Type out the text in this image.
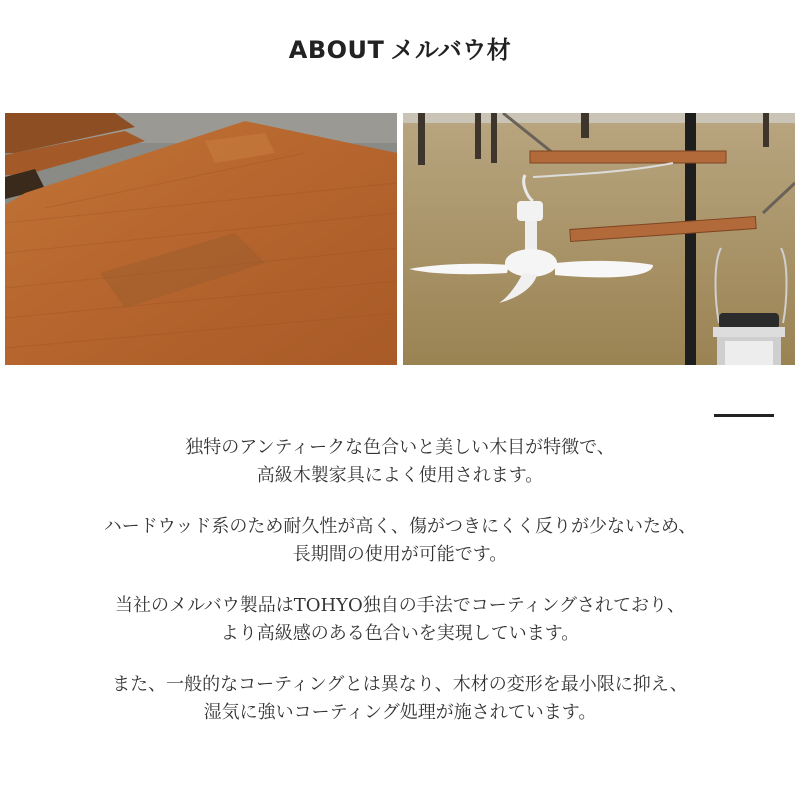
ABOUT メルバウ材

独特のアンティークな色合いと美しい木目が特徴で、
高級木製家具によく使用されます。

ハードウッド系のため耐久性が高く、傷がつきにくく反りが少ないため、
長期間の使用が可能です。

当社のメルバウ製品はTOHYO独自の手法でコーティングされており、
より高級感のある色合いを実現しています。

また、一般的なコーティングとは異なり、木材の変形を最小限に抑え、
湿気に強いコーティング処理が施されています。
